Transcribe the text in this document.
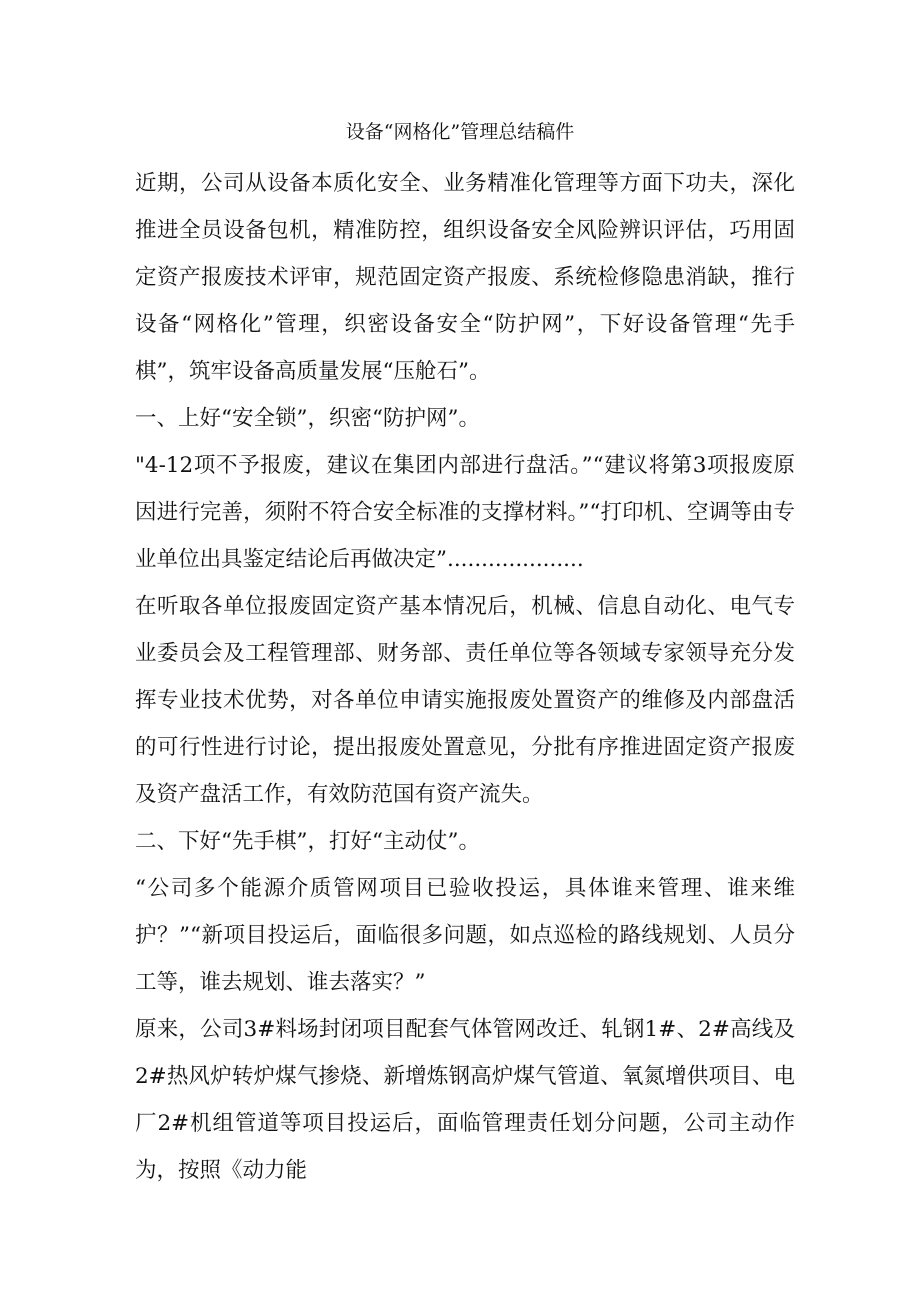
设备“网格化”管理总结稿件

近期，公司从设备本质化安全、业务精准化管理等方面下功夫，深化推进全员设备包机，精准防控，组织设备安全风险辨识评估，巧用固定资产报废技术评审，规范固定资产报废、系统检修隐患消缺，推行设备“网格化”管理，织密设备安全“防护网”，下好设备管理“先手棋”，筑牢设备高质量发展“压舱石”。

一、上好“安全锁”，织密“防护网”。

"4-12项不予报废，建议在集团内部进行盘活。”“建议将第3项报废原因进行完善，须附不符合安全标准的支撑材料。”“打印机、空调等由专业单位出具鉴定结论后再做决定”....................

在听取各单位报废固定资产基本情况后，机械、信息自动化、电气专业委员会及工程管理部、财务部、责任单位等各领域专家领导充分发挥专业技术优势，对各单位申请实施报废处置资产的维修及内部盘活的可行性进行讨论，提出报废处置意见，分批有序推进固定资产报废及资产盘活工作，有效防范国有资产流失。

二、下好“先手棋”，打好“主动仗”。

“公司多个能源介质管网项目已验收投运，具体谁来管理、谁来维护？”“新项目投运后，面临很多问题，如点巡检的路线规划、人员分工等，谁去规划、谁去落实？”

原来，公司3#料场封闭项目配套气体管网改迁、轧钢1#、2#高线及2#热风炉转炉煤气掺烧、新增炼钢高炉煤气管道、氧氮增供项目、电厂2#机组管道等项目投运后，面临管理责任划分问题，公司主动作为，按照《动力能
